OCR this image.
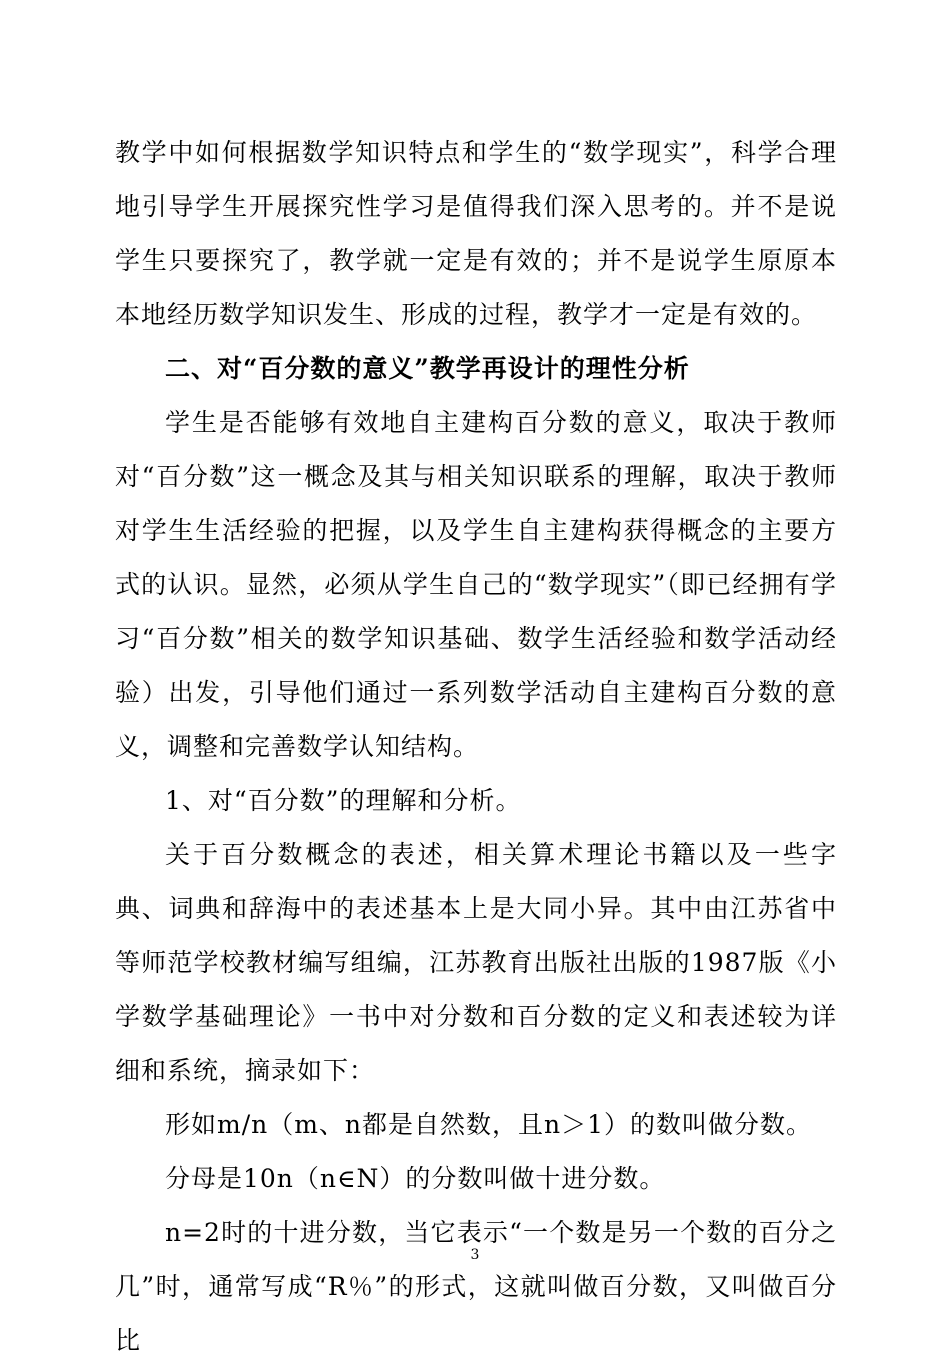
教学中如何根据数学知识特点和学生的“数学现实”，科学合理地引导学生开展探究性学习是值得我们深入思考的。并不是说学生只要探究了，教学就一定是有效的；并不是说学生原原本本地经历数学知识发生、形成的过程，教学才一定是有效的。

二、对“百分数的意义”教学再设计的理性分析

学生是否能够有效地自主建构百分数的意义，取决于教师对“百分数”这一概念及其与相关知识联系的理解，取决于教师对学生生活经验的把握，以及学生自主建构获得概念的主要方式的认识。显然，必须从学生自己的“数学现实”（即已经拥有学习“百分数”相关的数学知识基础、数学生活经验和数学活动经验）出发，引导他们通过一系列数学活动自主建构百分数的意义，调整和完善数学认知结构。

1、对“百分数”的理解和分析。

关于百分数概念的表述，相关算术理论书籍以及一些字典、词典和辞海中的表述基本上是大同小异。其中由江苏省中等师范学校教材编写组编，江苏教育出版社出版的1987版《小学数学基础理论》一书中对分数和百分数的定义和表述较为详细和系统，摘录如下：

形如m/n（m、n都是自然数，且n＞1）的数叫做分数。

分母是10n（n∈N）的分数叫做十进分数。

n=2时的十进分数，当它表示“一个数是另一个数的百分之几”时，通常写成“R％”的形式，这就叫做百分数，又叫做百分比

3
